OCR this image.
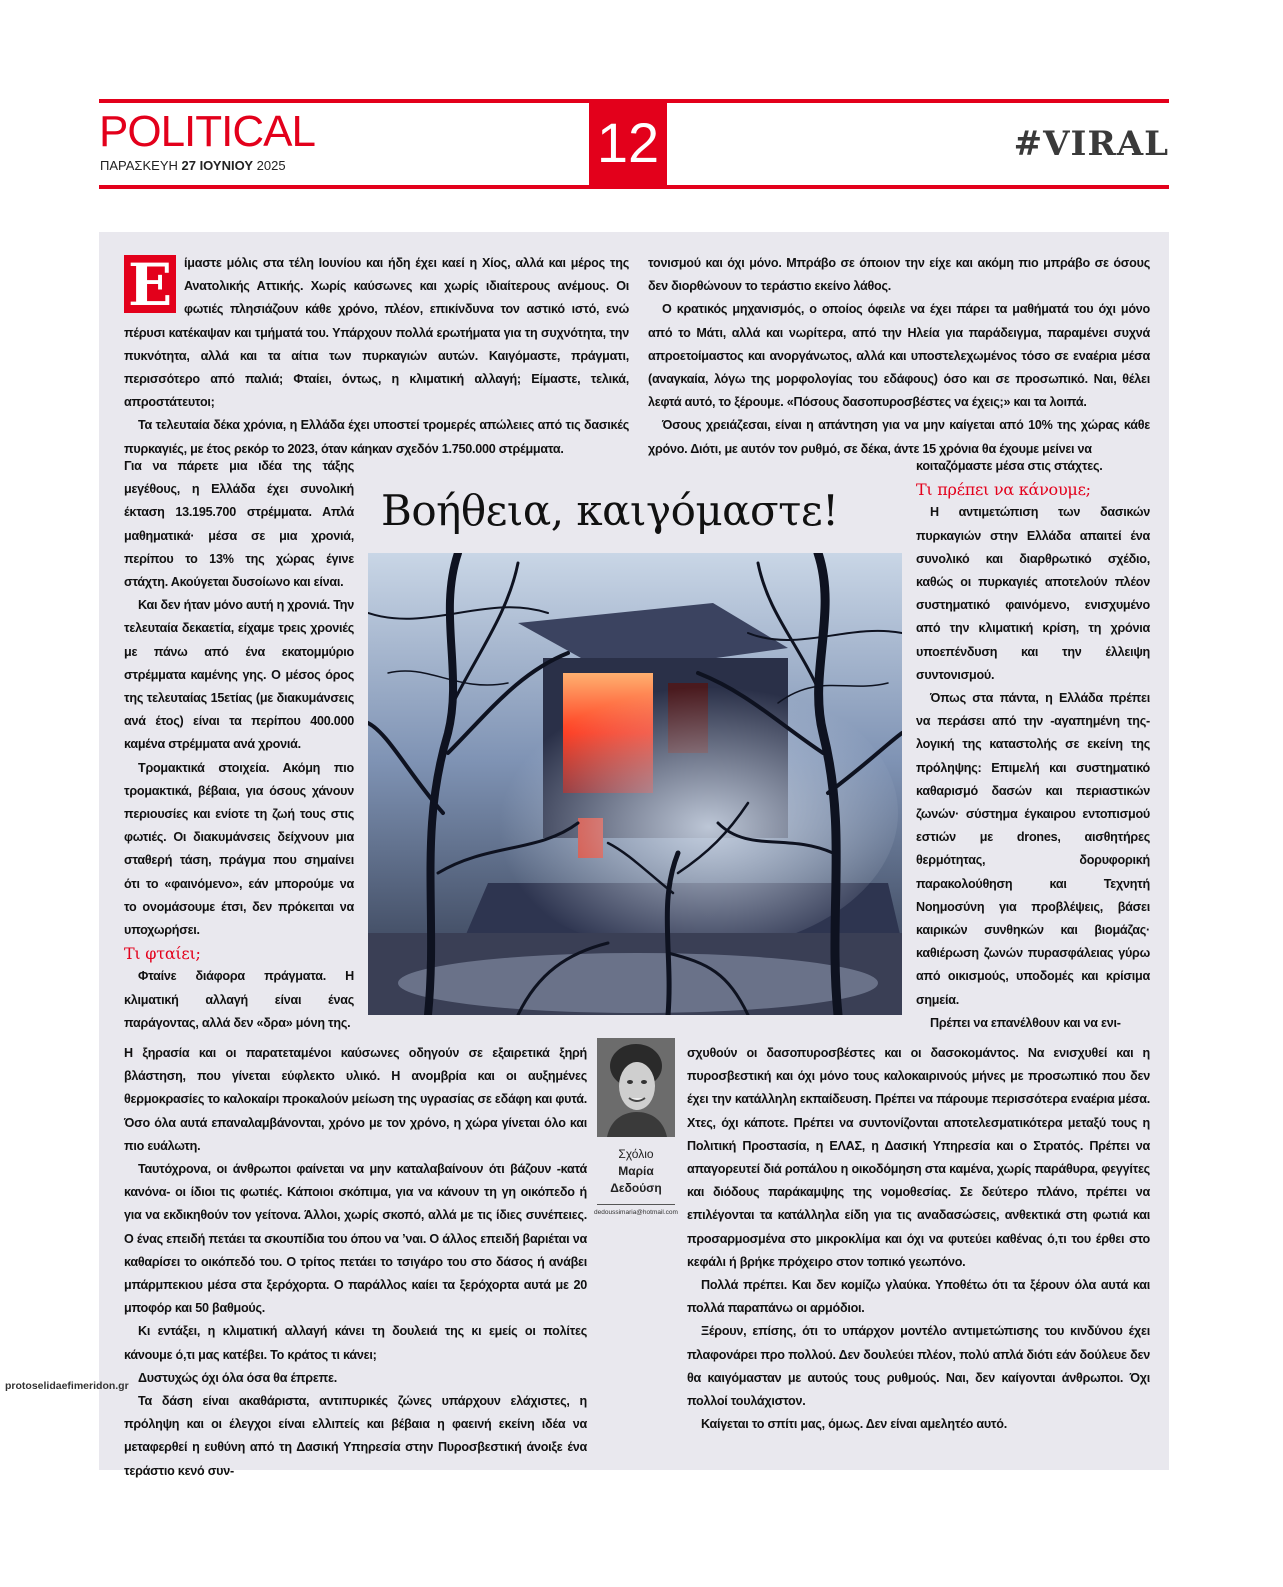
POLITICAL
ΠΑΡΑΣΚΕΥΗ 27 ΙΟΥΝΙΟΥ 2025	12	#VIRAL
Ε ίμαστε μόλις στα τέλη Ιουνίου και ήδη έχει καεί η Χίος, αλλά και μέρος της Ανατολικής Αττικής. Χωρίς καύσωνες και χωρίς ιδιαίτερους ανέμους. Οι φωτιές πλησιάζουν κάθε χρόνο, πλέον, επικίνδυνα τον αστικό ιστό, ενώ πέρυσι κατέκαψαν και τμήματά του. Υπάρχουν πολλά ερωτήματα για τη συχνότητα, την πυκνότητα, αλλά και τα αίτια των πυρκαγιών αυτών. Καιγόμαστε, πράγματι, περισσότερο από παλιά; Φταίει, όντως, η κλιματική αλλαγή; Είμαστε, τελικά, απροστάτευτοι;

Τα τελευταία δέκα χρόνια, η Ελλάδα έχει υποστεί τρομερές απώλειες από τις δασικές πυρκαγιές, με έτος ρεκόρ το 2023, όταν κάηκαν σχεδόν 1.750.000 στρέμματα.

Για να πάρετε μια ιδέα της τάξης μεγέθους, η Ελλάδα έχει συνολική έκταση 13.195.700 στρέμματα. Απλά μαθηματικά· μέσα σε μια χρονιά, περίπου το 13% της χώρας έγινε στάχτη. Ακούγεται δυσοίωνο και είναι.

Και δεν ήταν μόνο αυτή η χρονιά. Την τελευταία δεκαετία, είχαμε τρεις χρονιές με πάνω από ένα εκατομμύριο στρέμματα καμένης γης. Ο μέσος όρος της τελευταίας 15ετίας (με διακυμάνσεις ανά έτος) είναι τα περίπου 400.000 καμένα στρέμματα ανά χρονιά.

Τρομακτικά στοιχεία. Ακόμη πιο τρομακτικά, βέβαια, για όσους χάνουν περιουσίες και ενίοτε τη ζωή τους στις φωτιές. Οι διακυμάνσεις δείχνουν μια σταθερή τάση, πράγμα που σημαίνει ότι το «φαινόμενο», εάν μπορούμε να το ονομάσουμε έτσι, δεν πρόκειται να υποχωρήσει.

Τι φταίει;

Φταίνε διάφορα πράγματα. Η κλιματική αλλαγή είναι ένας παράγοντας, αλλά δεν «δρα» μόνη της.

Η ξηρασία και οι παρατεταμένοι καύσωνες οδηγούν σε εξαιρετικά ξηρή βλάστηση, που γίνεται εύφλεκτο υλικό. Η ανομβρία και οι αυξημένες θερμοκρασίες το καλοκαίρι προκαλούν μείωση της υγρασίας σε εδάφη και φυτά. Όσο όλα αυτά επαναλαμβάνονται, χρόνο με τον χρόνο, η χώρα γίνεται όλο και πιο ευάλωτη.

Ταυτόχρονα, οι άνθρωποι φαίνεται να μην καταλαβαίνουν ότι βάζουν -κατά κανόνα- οι ίδιοι τις φωτιές. Κάποιοι σκόπιμα, για να κάνουν τη γη οικόπεδο ή για να εκδικηθούν τον γείτονα. Άλλοι, χωρίς σκοπό, αλλά με τις ίδιες συνέπειες. Ο ένας επειδή πετάει τα σκουπίδια του όπου να ’ναι. Ο άλλος επειδή βαριέται να καθαρίσει το οικόπεδό του. Ο τρίτος πετάει το τσιγάρο του στο δάσος ή ανάβει μπάρμπεκιου μέσα στα ξερόχορτα. Ο παράλλος καίει τα ξερόχορτα αυτά με 20 μποφόρ και 50 βαθμούς.

Κι εντάξει, η κλιματική αλλαγή κάνει τη δουλειά της κι εμείς οι πολίτες κάνουμε ό,τι μας κατέβει. Το κράτος τι κάνει;

Δυστυχώς όχι όλα όσα θα έπρεπε.

Τα δάση είναι ακαθάριστα, αντιπυρικές ζώνες υπάρχουν ελάχιστες, η πρόληψη και οι έλεγχοι είναι ελλιπείς και βέβαια η φαεινή εκείνη ιδέα να μεταφερθεί η ευθύνη από τη Δασική Υπηρεσία στην Πυροσβεστική άνοιξε ένα τεράστιο κενό συν-

τονισμού και όχι μόνο. Μπράβο σε όποιον την είχε και ακόμη πιο μπράβο σε όσους δεν διορθώνουν το τεράστιο εκείνο λάθος.

Ο κρατικός μηχανισμός, ο οποίος όφειλε να έχει πάρει τα μαθήματά του όχι μόνο από το Μάτι, αλλά και νωρίτερα, από την Ηλεία για παράδειγμα, παραμένει συχνά απροετοίμαστος και ανοργάνωτος, αλλά και υποστελεχωμένος τόσο σε εναέρια μέσα (αναγκαία, λόγω της μορφολογίας του εδάφους) όσο και σε προσωπικό. Ναι, θέλει λεφτά αυτό, το ξέρουμε. «Πόσους δασοπυροσβέστες να έχεις;» και τα λοιπά.

Όσους χρειάζεσαι, είναι η απάντηση για να μην καίγεται από 10% της χώρας κάθε χρόνο. Διότι, με αυτόν τον ρυθμό, σε δέκα, άντε 15 χρόνια θα έχουμε μείνει να

κοιταζόμαστε μέσα στις στάχτες.

Τι πρέπει να κάνουμε;

Η αντιμετώπιση των δασικών πυρκαγιών στην Ελλάδα απαιτεί ένα συνολικό και διαρθρωτικό σχέδιο, καθώς οι πυρκαγιές αποτελούν πλέον συστηματικό φαινόμενο, ενισχυμένο από την κλιματική κρίση, τη χρόνια υποεπένδυση και την έλλειψη συντονισμού.

Όπως στα πάντα, η Ελλάδα πρέπει να περάσει από την -αγαπημένη της- λογική της καταστολής σε εκείνη της πρόληψης: Επιμελή και συστηματικό καθαρισμό δασών και περιαστικών ζωνών· σύστημα έγκαιρου εντοπισμού εστιών με drones, αισθητήρες θερμότητας, δορυφορική παρακολούθηση και Τεχνητή Νοημοσύνη για προβλέψεις, βάσει καιρικών συνθηκών και βιομάζας· καθιέρωση ζωνών πυρασφάλειας γύρω από οικισμούς, υποδομές και κρίσιμα σημεία.

Πρέπει να επανέλθουν και να ενι-

σχυθούν οι δασοπυροσβέστες και οι δασοκομάντος. Να ενισχυθεί και η πυροσβεστική και όχι μόνο τους καλοκαιρινούς μήνες με προσωπικό που δεν έχει την κατάλληλη εκπαίδευση. Πρέπει να πάρουμε περισσότερα εναέρια μέσα. Χτες, όχι κάποτε. Πρέπει να συντονίζονται αποτελεσματικότερα μεταξύ τους η Πολιτική Προστασία, η ΕΛΑΣ, η Δασική Υπηρεσία και ο Στρατός. Πρέπει να απαγορευτεί διά ροπάλου η οικοδόμηση στα καμένα, χωρίς παράθυρα, φεγγίτες και διόδους παράκαμψης της νομοθεσίας. Σε δεύτερο πλάνο, πρέπει να επιλέγονται τα κατάλληλα είδη για τις αναδασώσεις, ανθεκτικά στη φωτιά και προσαρμοσμένα στο μικροκλίμα και όχι να φυτεύει καθένας ό,τι του έρθει στο κεφάλι ή βρήκε πρόχειρο στον τοπικό γεωπόνο.

Πολλά πρέπει. Και δεν κομίζω γλαύκα. Υποθέτω ότι τα ξέρουν όλα αυτά και πολλά παραπάνω οι αρμόδιοι.

Ξέρουν, επίσης, ότι το υπάρχον μοντέλο αντιμετώπισης του κινδύνου έχει πλαφονάρει προ πολλού. Δεν δουλεύει πλέον, πολύ απλά διότι εάν δούλευε δεν θα καιγόμασταν με αυτούς τους ρυθμούς. Ναι, δεν καίγονται άνθρωποι. Όχι πολλοί τουλάχιστον.

Καίγεται το σπίτι μας, όμως. Δεν είναι αμελητέο αυτό.

Βοήθεια, καιγόμαστε!
Σχόλιο
Μαρία
Δεδούση
dedoussimaria@hotmail.com
protoselidaefimeridon.gr
